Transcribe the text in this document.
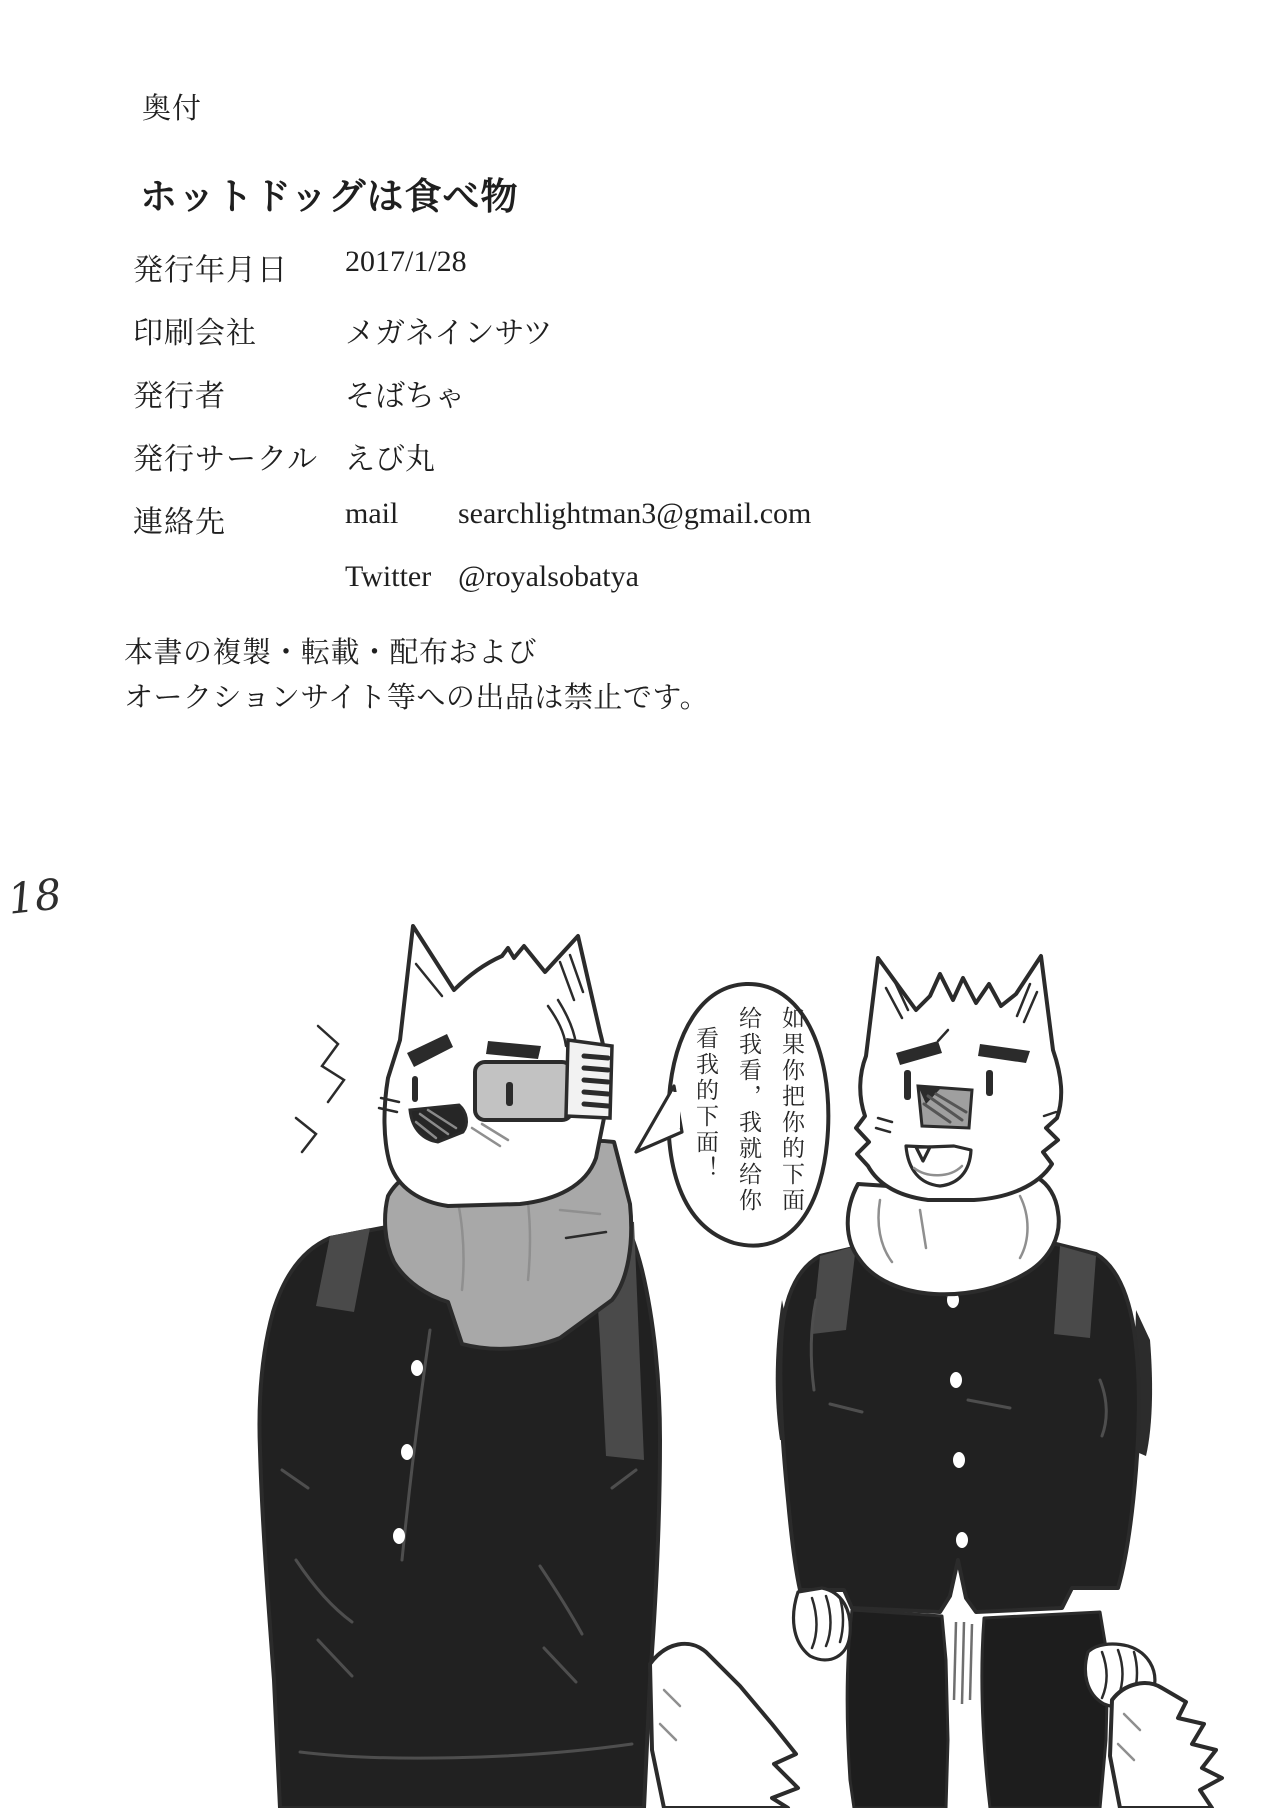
奥付
ホットドッグは食べ物
発行年月日 2017/1/28
印刷会社	メガネインサツ
発行者	そばちゃ
発行サークル えび丸
連絡先	mail searchlightman3@gmail.com
Twitter @royalsobatya
本書の複製・転載・配布および
オークションサイト等への出品は禁止です。
18
如果你把你的下面
给我看，我就给你
看我的下面！
